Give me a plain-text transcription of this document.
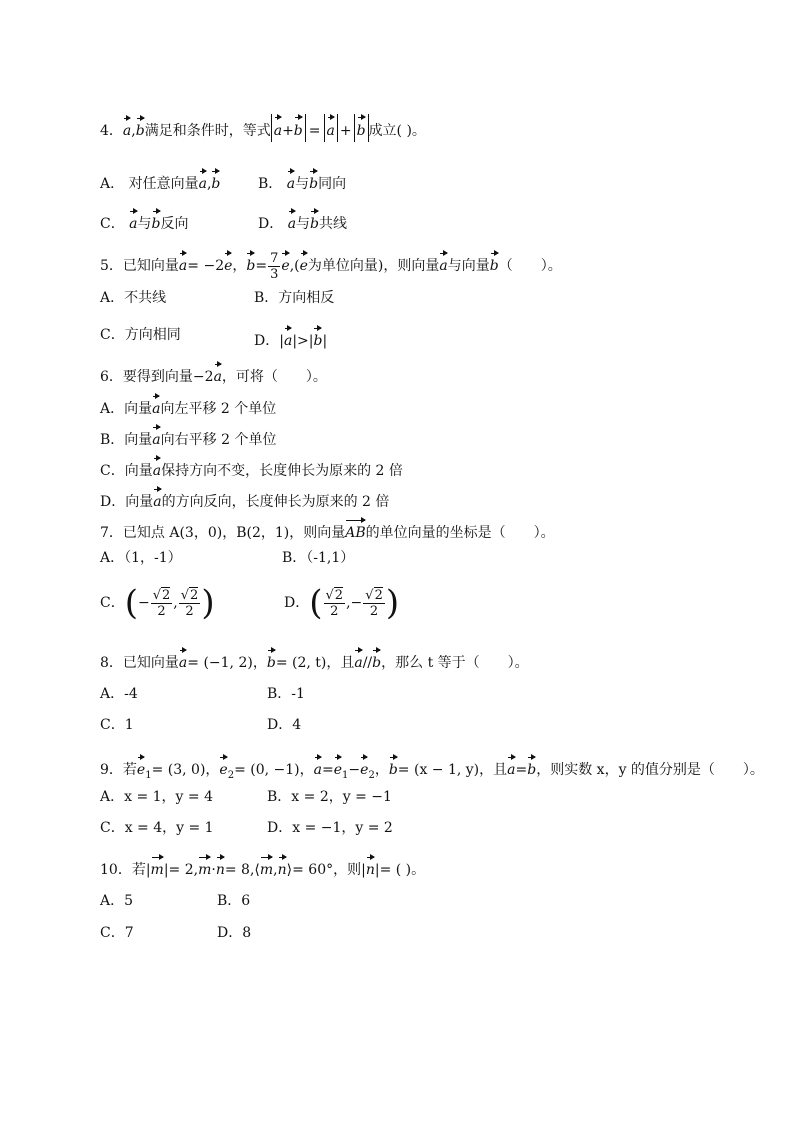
4．a,b满足和条件时，等式 a+b = a + b 成立( )。
A． 对任意向量a,b	B． a与b同向
C． a与b反向	D． a与b共线
5．已知向量a= −2e，$b= \frac{7}{3} e,(e$为单位向量)，则向量a与向量b（　　）。
A．不共线	B．方向相反
C．方向相同	D．|a|>|b|
6．要得到向量−2a，可将（　　）。
A．向量a向左平移 2 个单位
B．向量a向右平移 2 个单位
C．向量a保持方向不变，长度伸长为原来的 2 倍
D．向量a的方向反向，长度伸长为原来的 2 倍
7．已知点 A(3，0)，B(2，1)，则向量AB的单位向量的坐标是（　　）。
A．（1，-1）	B．（-1,1）
C． ( − $\frac{√2}{2}$ , $\frac{√2}{2}$ )	D． ( $\frac{√2}{2}$ , − $\frac{√2}{2}$ )
8．已知向量a= (−1, 2)，b= (2, t)，且a//b，那么 t 等于（　　）。
A．-4	B．-1
C．1	D．4
9．若$e_1= (3$, 0)，$e_2= (0$, −1)，$a=e_1-e_2$，b= (x − 1, y)，且a=b，则实数 x，y 的值分别是（　　）。
A．x = 1，y = 4	B．x = 2，y = −1
C．x = 4，y = 1	D．x = −1，y = 2
10．若|m|= 2,m·n= 8,⟨m,n⟩= 60°，则|n|= ( )。
A．5	B．6
C．7	D．8
